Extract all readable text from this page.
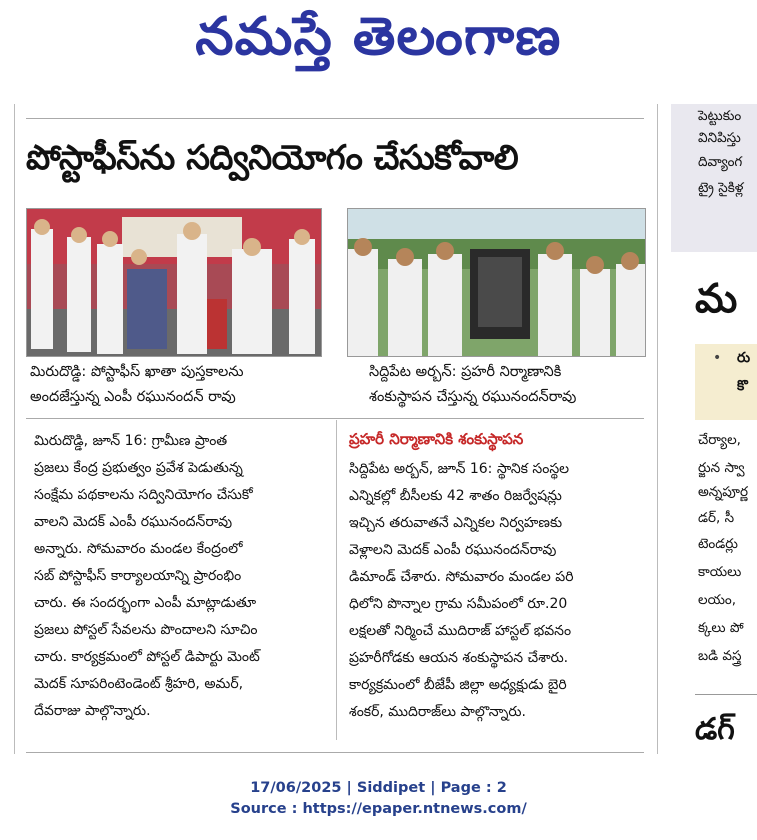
నమస్తే తెలంగాణ
పోస్టాఫీస్‌ను సద్వినియోగం చేసుకోవాలి
మిరుదొడ్డి: పోస్టాఫీస్ ఖాతా పుస్తకాలను
అందజేస్తున్న ఎంపీ రఘునందన్ రావు
సిద్దిపేట అర్బన్: ప్రహరీ నిర్మాణానికి
శంకుస్థాపన చేస్తున్న రఘునందన్‌రావు
మిరుదొడ్డి, జూన్ 16: గ్రామీణ ప్రాంత
ప్రజలు కేంద్ర ప్రభుత్వం ప్రవేశ పెడుతున్న
సంక్షేమ పథకాలను సద్వినియోగం చేసుకో
వాలని మెదక్ ఎంపీ రఘునందన్‌రావు
అన్నారు. సోమవారం మండల కేంద్రంలో
సబ్ పోస్టాఫీస్ కార్యాలయాన్ని ప్రారంభిం
చారు. ఈ సందర్భంగా ఎంపీ మాట్లాడుతూ
ప్రజలు పోస్టల్ సేవలను పొందాలని సూచిం
చారు. కార్యక్రమంలో పోస్టల్ డిపార్టు మెంట్
మెదక్ సూపరింటెండెంట్ శ్రీహరి, అమర్,
దేవరాజు పాల్గొన్నారు.
ప్రహరీ నిర్మాణానికి శంకుస్థాపన
సిద్దిపేట అర్బన్, జూన్ 16: స్థానిక సంస్థల
ఎన్నికల్లో బీసీలకు 42 శాతం రిజర్వేషన్లు
ఇచ్చిన తరువాతనే ఎన్నికల నిర్వహణకు
వెళ్లాలని మెదక్ ఎంపీ రఘునందన్‌రావు
డిమాండ్ చేశారు. సోమవారం మండల పరి
ధిలోని పొన్నాల గ్రామ సమీపంలో రూ.20
లక్షలతో నిర్మించే ముదిరాజ్ హాస్టల్ భవనం
ప్రహరీగోడకు ఆయన శంకుస్థాపన చేశారు.
కార్యక్రమంలో బీజేపీ జిల్లా అధ్యక్షుడు బైరి
శంకర్, ముదిరాజ్‌లు పాల్గొన్నారు.
పెట్టుకుం
వినిపిస్తు
దివ్యాంగ
ట్రై సైకిళ్ల
మ
• రు
కొ
చేర్యాల,
ర్జున స్వా
అన్నపూర్ణ
డర్, సీ
టెండర్లు
కాయలు
లయం,
క్కలు పో
బడి వస్త్ర
డగ్
17/06/2025 | Siddipet | Page : 2
Source : https://epaper.ntnews.com/
